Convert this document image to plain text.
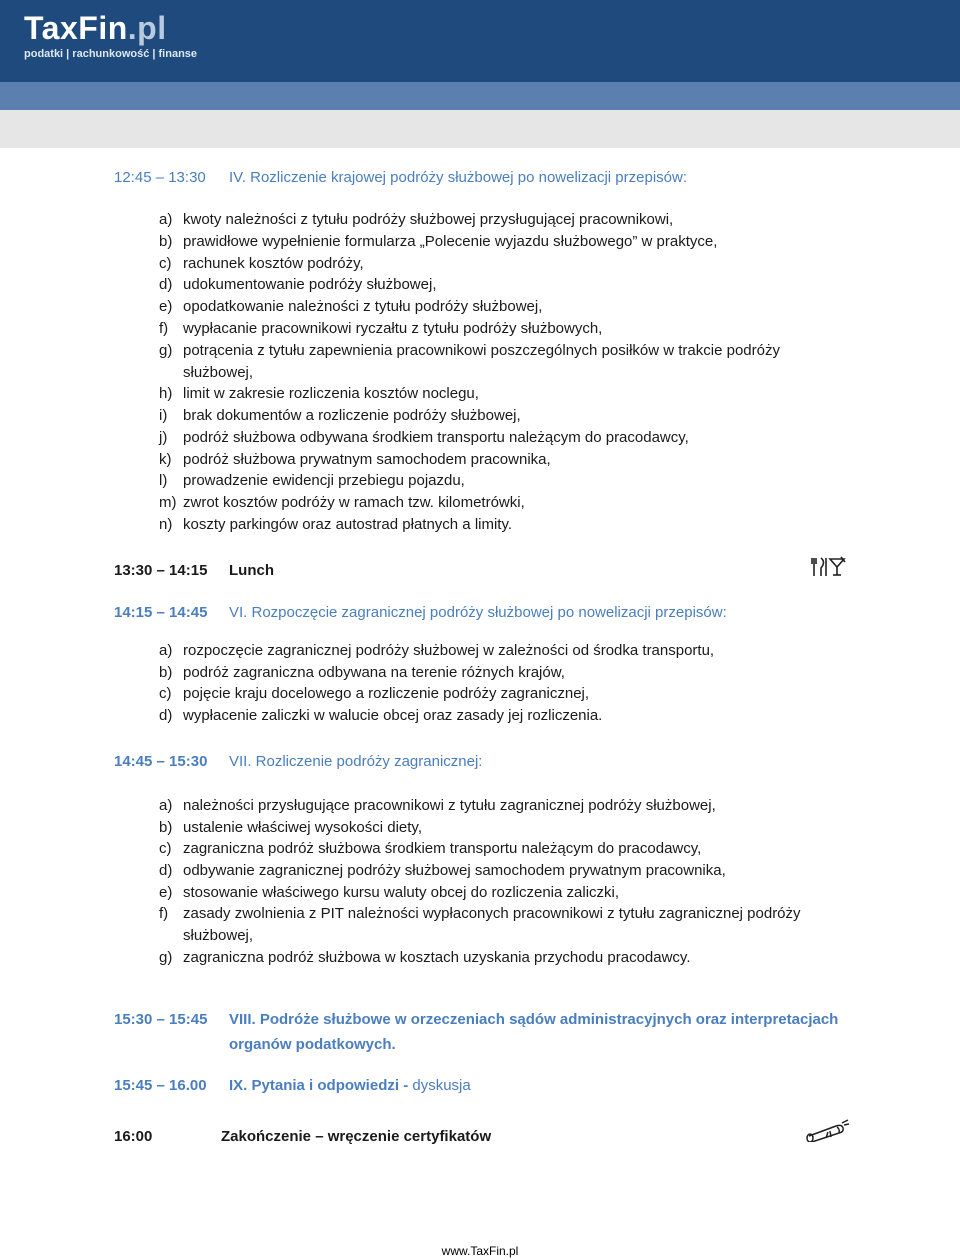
TaxFin.pl
podatki | rachunkowość | finanse
12:45 – 13:30 IV. Rozliczenie krajowej podróży służbowej po nowelizacji przepisów:
a) kwoty należności z tytułu podróży służbowej przysługującej pracownikowi,
b) prawidłowe wypełnienie formularza „Polecenie wyjazdu służbowego” w praktyce,
c) rachunek kosztów podróży,
d) udokumentowanie podróży służbowej,
e) opodatkowanie należności z tytułu podróży służbowej,
f) wypłacanie pracownikowi ryczałtu z tytułu podróży służbowych,
g) potrącenia z tytułu zapewnienia pracownikowi poszczególnych posiłków w trakcie podróży
służbowej,
h) limit w zakresie rozliczenia kosztów noclegu,
i) brak dokumentów a rozliczenie podróży służbowej,
j) podróż służbowa odbywana środkiem transportu należącym do pracodawcy,
k) podróż służbowa prywatnym samochodem pracownika,
l) prowadzenie ewidencji przebiegu pojazdu,
m) zwrot kosztów podróży w ramach tzw. kilometrówki,
n) koszty parkingów oraz autostrad płatnych a limity.
13:30 – 14:15 Lunch
14:15 – 14:45 VI. Rozpoczęcie zagranicznej podróży służbowej po nowelizacji przepisów:
a) rozpoczęcie zagranicznej podróży służbowej w zależności od środka transportu,
b) podróż zagraniczna odbywana na terenie różnych krajów,
c) pojęcie kraju docelowego a rozliczenie podróży zagranicznej,
d) wypłacenie zaliczki w walucie obcej oraz zasady jej rozliczenia.
14:45 – 15:30 VII. Rozliczenie podróży zagranicznej:
a) należności przysługujące pracownikowi z tytułu zagranicznej podróży służbowej,
b) ustalenie właściwej wysokości diety,
c) zagraniczna podróż służbowa środkiem transportu należącym do pracodawcy,
d) odbywanie zagranicznej podróży służbowej samochodem prywatnym pracownika,
e) stosowanie właściwego kursu waluty obcej do rozliczenia zaliczki,
f) zasady zwolnienia z PIT należności wypłaconych pracownikowi z tytułu zagranicznej podróży
służbowej,
g) zagraniczna podróż służbowa w kosztach uzyskania przychodu pracodawcy.
15:30 – 15:45 VIII. Podróże służbowe w orzeczeniach sądów administracyjnych oraz interpretacjach
organów podatkowych.
15:45 – 16.00 IX. Pytania i odpowiedzi - dyskusja
16:00	Zakończenie – wręczenie certyfikatów
www.TaxFin.pl
